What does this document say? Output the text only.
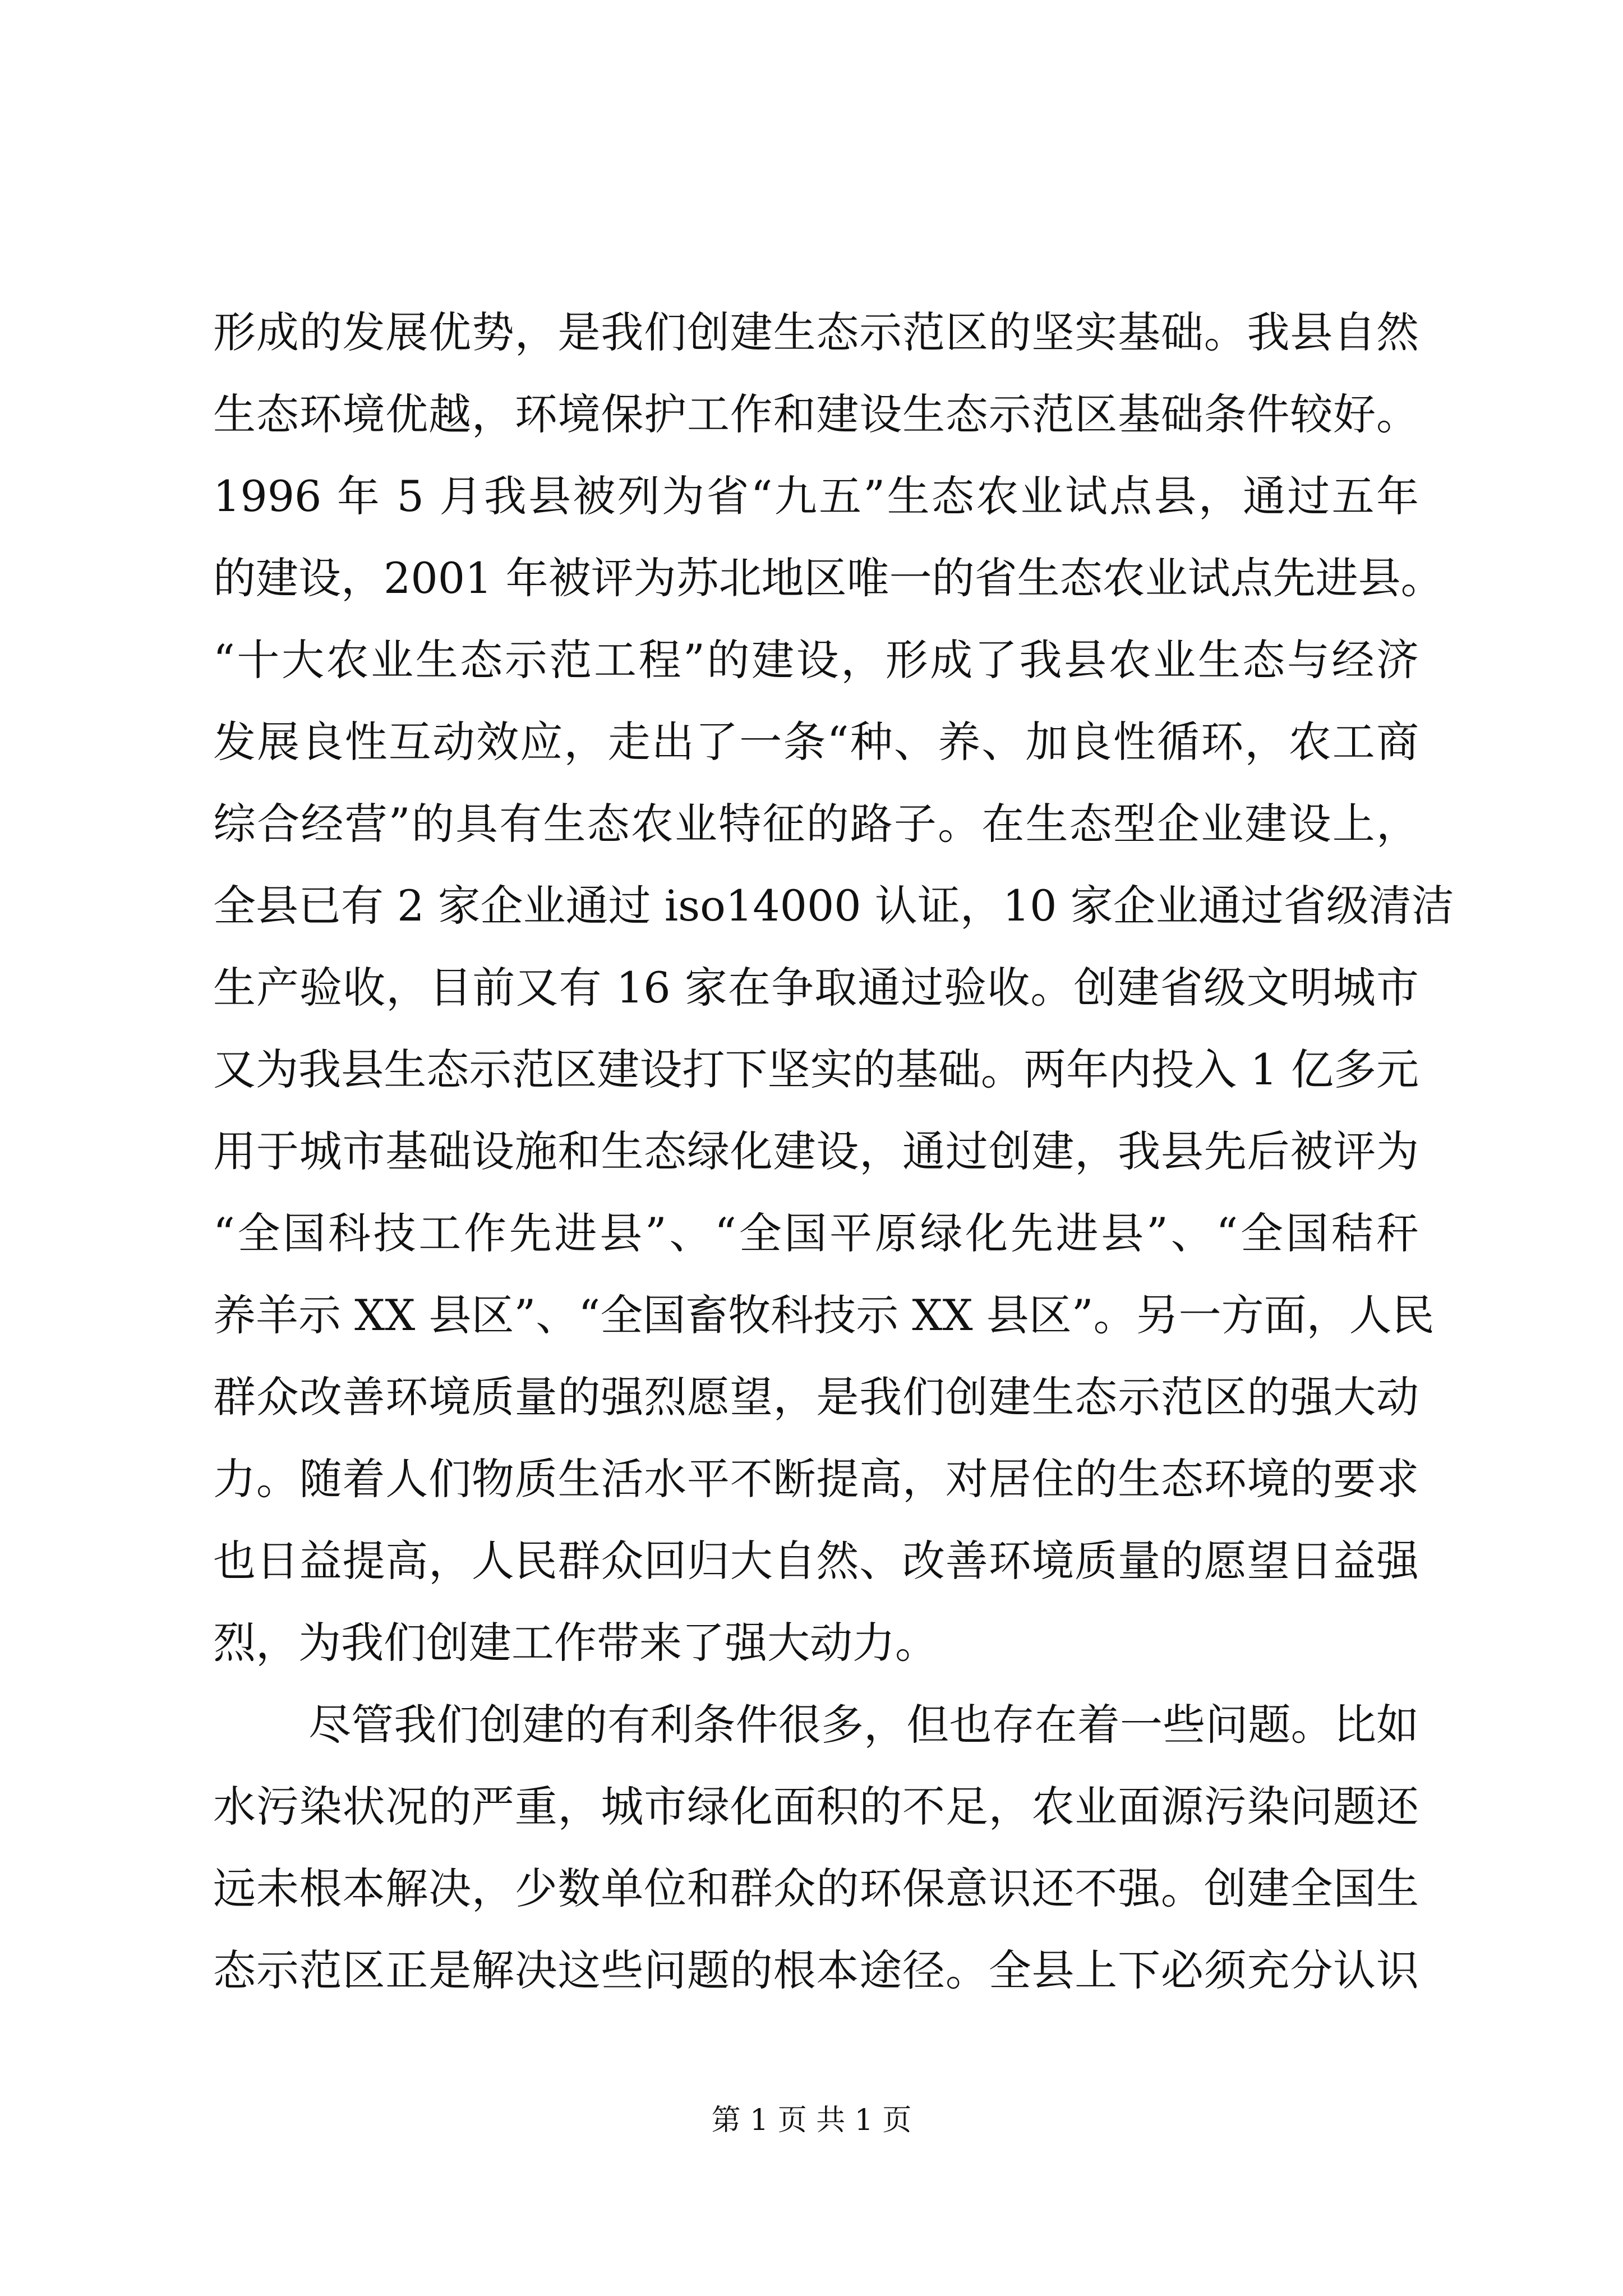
形成的发展优势，是我们创建生态示范区的坚实基础。我县自然
生态环境优越，环境保护工作和建设生态示范区基础条件较好。
1996 年 5 月我县被列为省“九五”生态农业试点县，通过五年
的建设，2001 年被评为苏北地区唯一的省生态农业试点先进县。
“十大农业生态示范工程”的建设，形成了我县农业生态与经济
发展良性互动效应，走出了一条“种、养、加良性循环，农工商
综合经营”的具有生态农业特征的路子。在生态型企业建设上，
全县已有 2 家企业通过 iso14000 认证，10 家企业通过省级清洁
生产验收，目前又有 16 家在争取通过验收。创建省级文明城市
又为我县生态示范区建设打下坚实的基础。两年内投入 1 亿多元
用于城市基础设施和生态绿化建设，通过创建，我县先后被评为
“全国科技工作先进县”、“全国平原绿化先进县”、“全国秸秆
养羊示 XX 县区”、“全国畜牧科技示 XX 县区”。另一方面，人民
群众改善环境质量的强烈愿望，是我们创建生态示范区的强大动
力。随着人们物质生活水平不断提高，对居住的生态环境的要求
也日益提高，人民群众回归大自然、改善环境质量的愿望日益强
烈，为我们创建工作带来了强大动力。
尽管我们创建的有利条件很多，但也存在着一些问题。比如
水污染状况的严重，城市绿化面积的不足，农业面源污染问题还
远未根本解决，少数单位和群众的环保意识还不强。创建全国生
态示范区正是解决这些问题的根本途径。全县上下必须充分认识
第 1 页 共 1 页
